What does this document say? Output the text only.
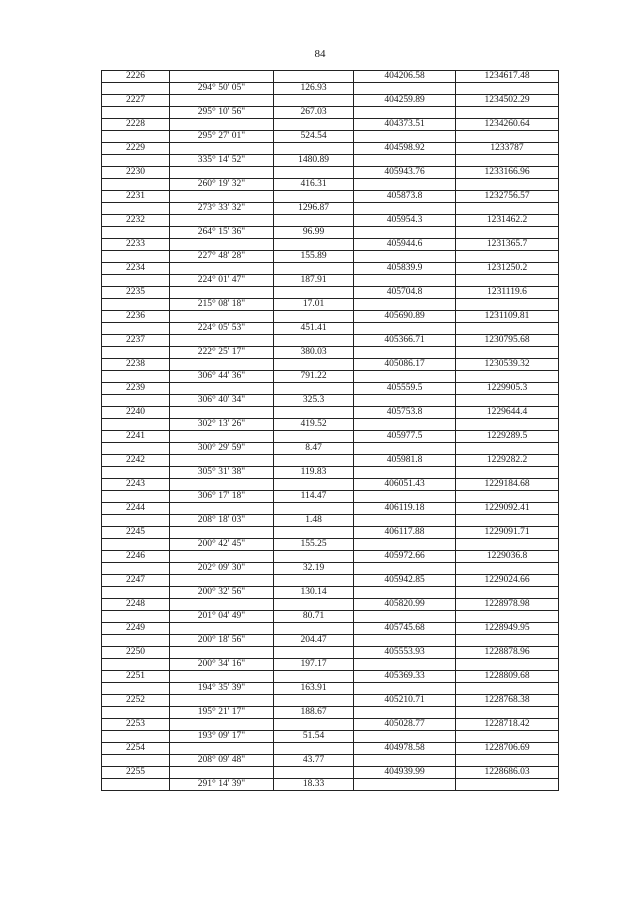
84
2226			404206.58	1234617.48
	294° 50' 05"	126.93		
2227			404259.89	1234502.29
	295° 10' 56"	267.03		
2228			404373.51	1234260.64
	295° 27' 01"	524.54		
2229			404598.92	1233787
	335° 14' 52"	1480.89		
2230			405943.76	1233166.96
	260° 19' 32"	416.31		
2231			405873.8	1232756.57
	273° 33' 32"	1296.87		
2232			405954.3	1231462.2
	264° 15' 36"	96.99		
2233			405944.6	1231365.7
	227° 48' 28"	155.89		
2234			405839.9	1231250.2
	224° 01' 47"	187.91		
2235			405704.8	1231119.6
	215° 08' 18"	17.01		
2236			405690.89	1231109.81
	224° 05' 53"	451.41		
2237			405366.71	1230795.68
	222° 25' 17"	380.03		
2238			405086.17	1230539.32
	306° 44' 36"	791.22		
2239			405559.5	1229905.3
	306° 40' 34"	325.3		
2240			405753.8	1229644.4
	302° 13' 26"	419.52		
2241			405977.5	1229289.5
	300° 29' 59"	8.47		
2242			405981.8	1229282.2
	305° 31' 38"	119.83		
2243			406051.43	1229184.68
	306° 17' 18"	114.47		
2244			406119.18	1229092.41
	208° 18' 03"	1.48		
2245			406117.88	1229091.71
	200° 42' 45"	155.25		
2246			405972.66	1229036.8
	202° 09' 30"	32.19		
2247			405942.85	1229024.66
	200° 32' 56"	130.14		
2248			405820.99	1228978.98
	201° 04' 49"	80.71		
2249			405745.68	1228949.95
	200° 18' 56"	204.47		
2250			405553.93	1228878.96
	200° 34' 16"	197.17		
2251			405369.33	1228809.68
	194° 35' 39"	163.91		
2252			405210.71	1228768.38
	195° 21' 17"	188.67		
2253			405028.77	1228718.42
	193° 09' 17"	51.54		
2254			404978.58	1228706.69
	208° 09' 48"	43.77		
2255			404939.99	1228686.03
	291° 14' 39"	18.33		
